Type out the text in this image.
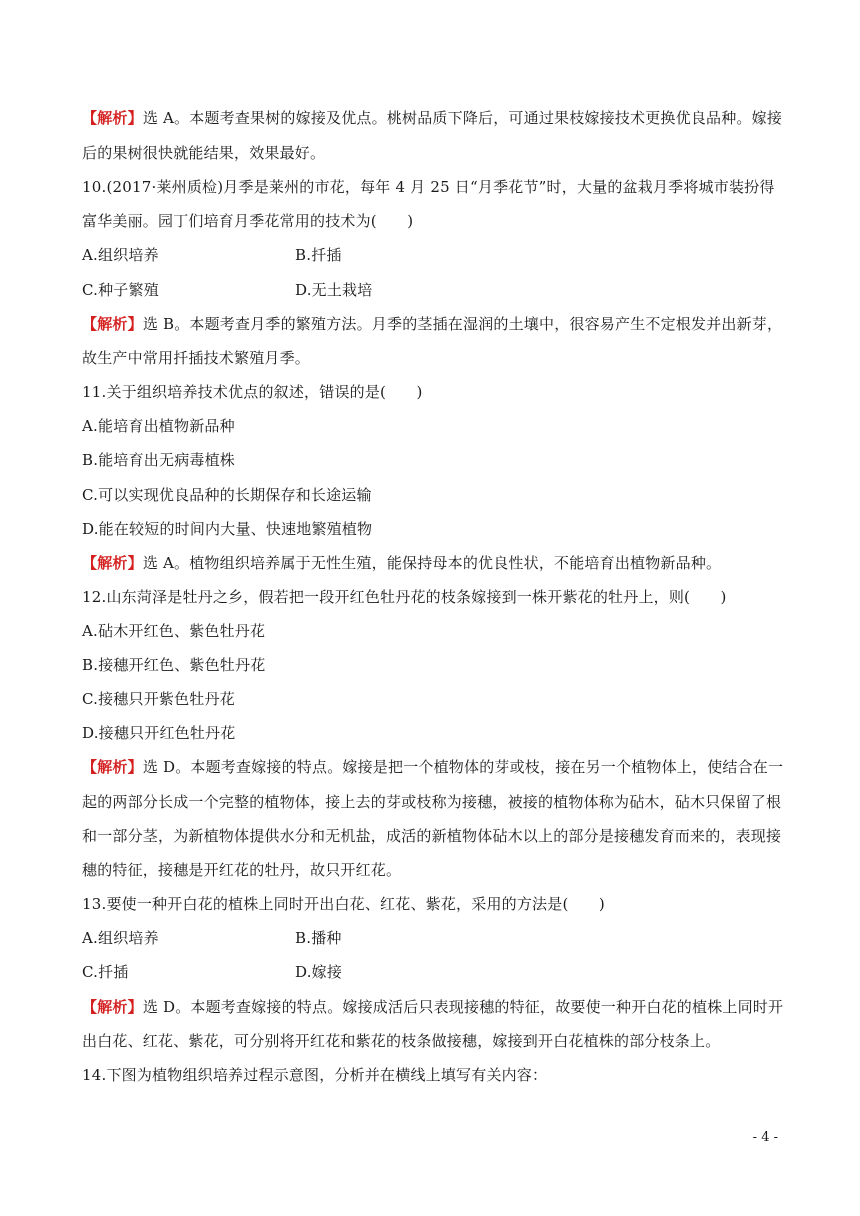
【解析】选 A。本题考查果树的嫁接及优点。桃树品质下降后，可通过果枝嫁接技术更换优良品种。嫁接
后的果树很快就能结果，效果最好。
10.(2017·莱州质检)月季是莱州的市花，每年 4 月 25 日“月季花节”时，大量的盆栽月季将城市装扮得
富华美丽。园丁们培育月季花常用的技术为(　　)
A.组织培养	B.扦插
C.种子繁殖	D.无土栽培
【解析】选 B。本题考查月季的繁殖方法。月季的茎插在湿润的土壤中，很容易产生不定根发并出新芽，
故生产中常用扦插技术繁殖月季。
11.关于组织培养技术优点的叙述，错误的是(　　)
A.能培育出植物新品种
B.能培育出无病毒植株
C.可以实现优良品种的长期保存和长途运输
D.能在较短的时间内大量、快速地繁殖植物
【解析】选 A。植物组织培养属于无性生殖，能保持母本的优良性状，不能培育出植物新品种。
12.山东菏泽是牡丹之乡，假若把一段开红色牡丹花的枝条嫁接到一株开紫花的牡丹上，则(　　)
A.砧木开红色、紫色牡丹花
B.接穗开红色、紫色牡丹花
C.接穗只开紫色牡丹花
D.接穗只开红色牡丹花
【解析】选 D。本题考查嫁接的特点。嫁接是把一个植物体的芽或枝，接在另一个植物体上，使结合在一
起的两部分长成一个完整的植物体，接上去的芽或枝称为接穗，被接的植物体称为砧木，砧木只保留了根
和一部分茎，为新植物体提供水分和无机盐，成活的新植物体砧木以上的部分是接穗发育而来的，表现接
穗的特征，接穗是开红花的牡丹，故只开红花。
13.要使一种开白花的植株上同时开出白花、红花、紫花，采用的方法是(　　)
A.组织培养	B.播种
C.扦插	D.嫁接
【解析】选 D。本题考查嫁接的特点。嫁接成活后只表现接穗的特征，故要使一种开白花的植株上同时开
出白花、红花、紫花，可分别将开红花和紫花的枝条做接穗，嫁接到开白花植株的部分枝条上。
14.下图为植物组织培养过程示意图，分析并在横线上填写有关内容：
- 4 -
